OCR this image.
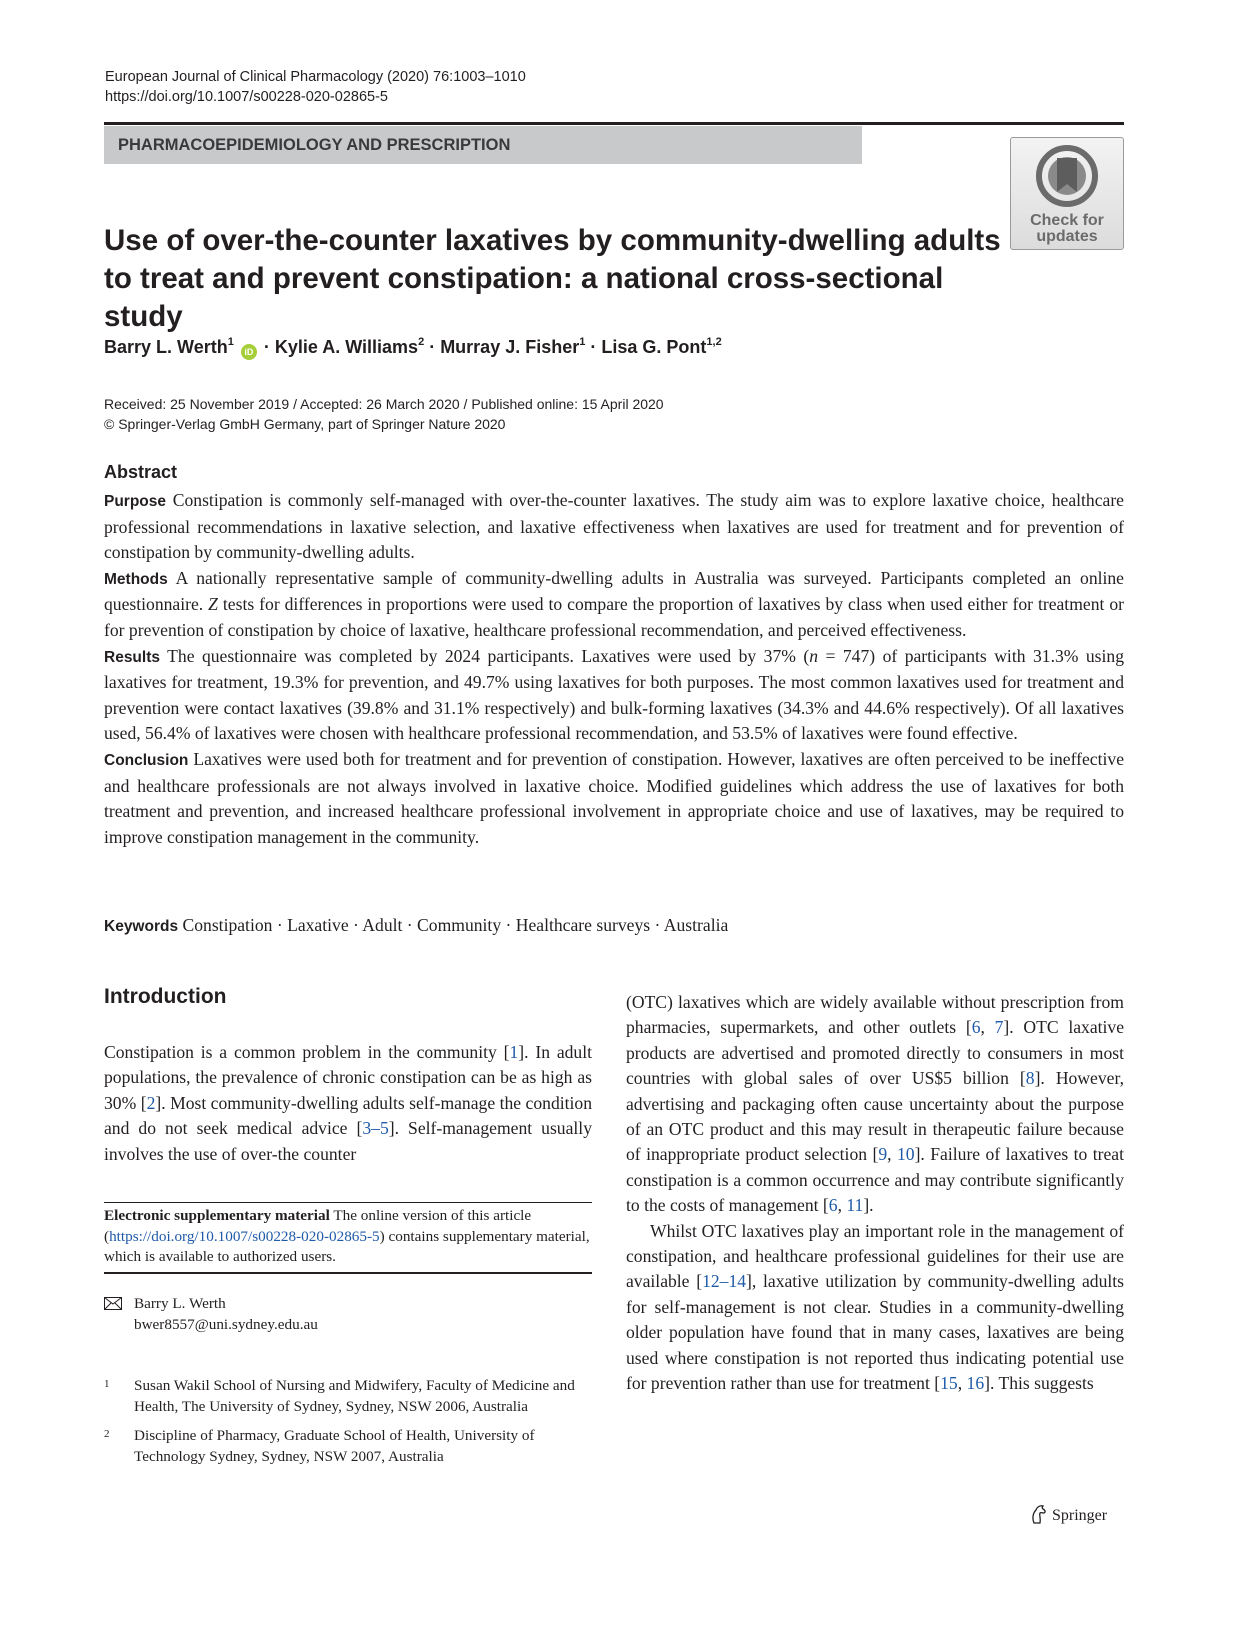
European Journal of Clinical Pharmacology (2020) 76:1003–1010
https://doi.org/10.1007/s00228-020-02865-5
PHARMACOEPIDEMIOLOGY AND PRESCRIPTION
Check for
updates
Use of over-the-counter laxatives by community-dwelling adults
to treat and prevent constipation: a national cross-sectional study
Barry L. Werth$^1$ iD · Kylie A. Williams$^2$ · Murray J. Fisher$^1$ · Lisa G. Pont$^{1,2}$
Received: 25 November 2019 / Accepted: 26 March 2020 / Published online: 15 April 2020
© Springer-Verlag GmbH Germany, part of Springer Nature 2020
Abstract

Purpose Constipation is commonly self-managed with over-the-counter laxatives. The study aim was to explore laxative choice, healthcare professional recommendations in laxative selection, and laxative effectiveness when laxatives are used for treatment and for prevention of constipation by community-dwelling adults.

Methods A nationally representative sample of community-dwelling adults in Australia was surveyed. Participants completed an online questionnaire. Z tests for differences in proportions were used to compare the proportion of laxatives by class when used either for treatment or for prevention of constipation by choice of laxative, healthcare professional recommendation, and perceived effectiveness.

Results The questionnaire was completed by 2024 participants. Laxatives were used by 37% (n = 747) of participants with 31.3% using laxatives for treatment, 19.3% for prevention, and 49.7% using laxatives for both purposes. The most common laxatives used for treatment and prevention were contact laxatives (39.8% and 31.1% respectively) and bulk-forming laxatives (34.3% and 44.6% respectively). Of all laxatives used, 56.4% of laxatives were chosen with healthcare professional recommendation, and 53.5% of laxatives were found effective.

Conclusion Laxatives were used both for treatment and for prevention of constipation. However, laxatives are often perceived to be ineffective and healthcare professionals are not always involved in laxative choice. Modified guidelines which address the use of laxatives for both treatment and prevention, and increased healthcare professional involvement in appropriate choice and use of laxatives, may be required to improve constipation management in the community.

Keywords Constipation · Laxative · Adult · Community · Healthcare surveys · Australia
Introduction

Constipation is a common problem in the community [1]. In adult populations, the prevalence of chronic constipation can be as high as 30% [2]. Most community-dwelling adults self-manage the condition and do not seek medical advice [3–5]. Self-management usually involves the use of over-the counter

(OTC) laxatives which are widely available without prescription from pharmacies, supermarkets, and other outlets [6, 7]. OTC laxative products are advertised and promoted directly to consumers in most countries with global sales of over US$5 billion [8]. However, advertising and packaging often cause uncertainty about the purpose of an OTC product and this may result in therapeutic failure because of inappropriate product selection [9, 10]. Failure of laxatives to treat constipation is a common occurrence and may contribute significantly to the costs of management [6, 11].

Whilst OTC laxatives play an important role in the management of constipation, and healthcare professional guidelines for their use are available [12–14], laxative utilization by community-dwelling adults for self-management is not clear. Studies in a community-dwelling older population have found that in many cases, laxatives are being used where constipation is not reported thus indicating potential use for prevention rather than use for treatment [15, 16]. This suggests

Electronic supplementary material The online version of this article (https://doi.org/10.1007/s00228-020-02865-5) contains supplementary material, which is available to authorized users.
Barry L. Werth
bwer8557@uni.sydney.edu.au
1 Susan Wakil School of Nursing and Midwifery, Faculty of Medicine and Health, The University of Sydney, Sydney, NSW 2006, Australia
2 Discipline of Pharmacy, Graduate School of Health, University of Technology Sydney, Sydney, NSW 2007, Australia
Springer
